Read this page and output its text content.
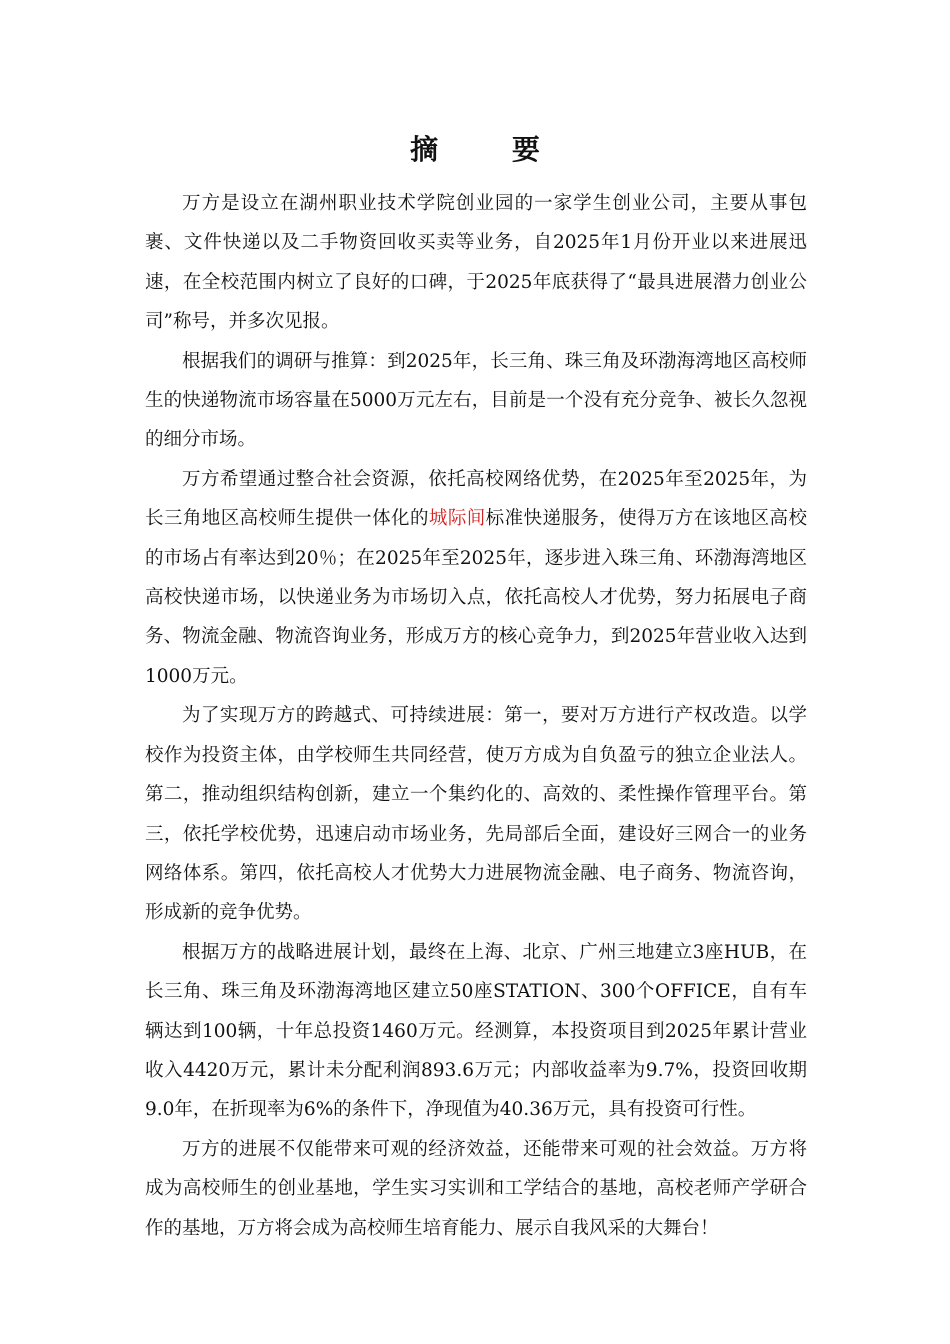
摘 要

万方是设立在湖州职业技术学院创业园的一家学生创业公司，主要从事包裹、文件快递以及二手物资回收买卖等业务，自2025年1月份开业以来进展迅速，在全校范围内树立了良好的口碑，于2025年底获得了“最具进展潜力创业公司”称号，并多次见报。

根据我们的调研与推算：到2025年，长三角、珠三角及环渤海湾地区高校师生的快递物流市场容量在5000万元左右，目前是一个没有充分竞争、被长久忽视的细分市场。

万方希望通过整合社会资源，依托高校网络优势，在2025年至2025年，为长三角地区高校师生提供一体化的城际间标准快递服务，使得万方在该地区高校的市场占有率达到20％；在2025年至2025年，逐步进入珠三角、环渤海湾地区高校快递市场，以快递业务为市场切入点，依托高校人才优势，努力拓展电子商务、物流金融、物流咨询业务，形成万方的核心竞争力，到2025年营业收入达到1000万元。

为了实现万方的跨越式、可持续进展：第一，要对万方进行产权改造。以学校作为投资主体，由学校师生共同经营，使万方成为自负盈亏的独立企业法人。第二，推动组织结构创新，建立一个集约化的、高效的、柔性操作管理平台。第三，依托学校优势，迅速启动市场业务，先局部后全面，建设好三网合一的业务网络体系。第四，依托高校人才优势大力进展物流金融、电子商务、物流咨询，形成新的竞争优势。

根据万方的战略进展计划，最终在上海、北京、广州三地建立3座HUB，在长三角、珠三角及环渤海湾地区建立50座STATION、300个OFFICE，自有车辆达到100辆，十年总投资1460万元。经测算，本投资项目到2025年累计营业收入4420万元，累计未分配利润893.6万元；内部收益率为9.7%，投资回收期9.0年，在折现率为6%的条件下，净现值为40.36万元，具有投资可行性。

万方的进展不仅能带来可观的经济效益，还能带来可观的社会效益。万方将成为高校师生的创业基地，学生实习实训和工学结合的基地，高校老师产学研合作的基地，万方将会成为高校师生培育能力、展示自我风采的大舞台！
